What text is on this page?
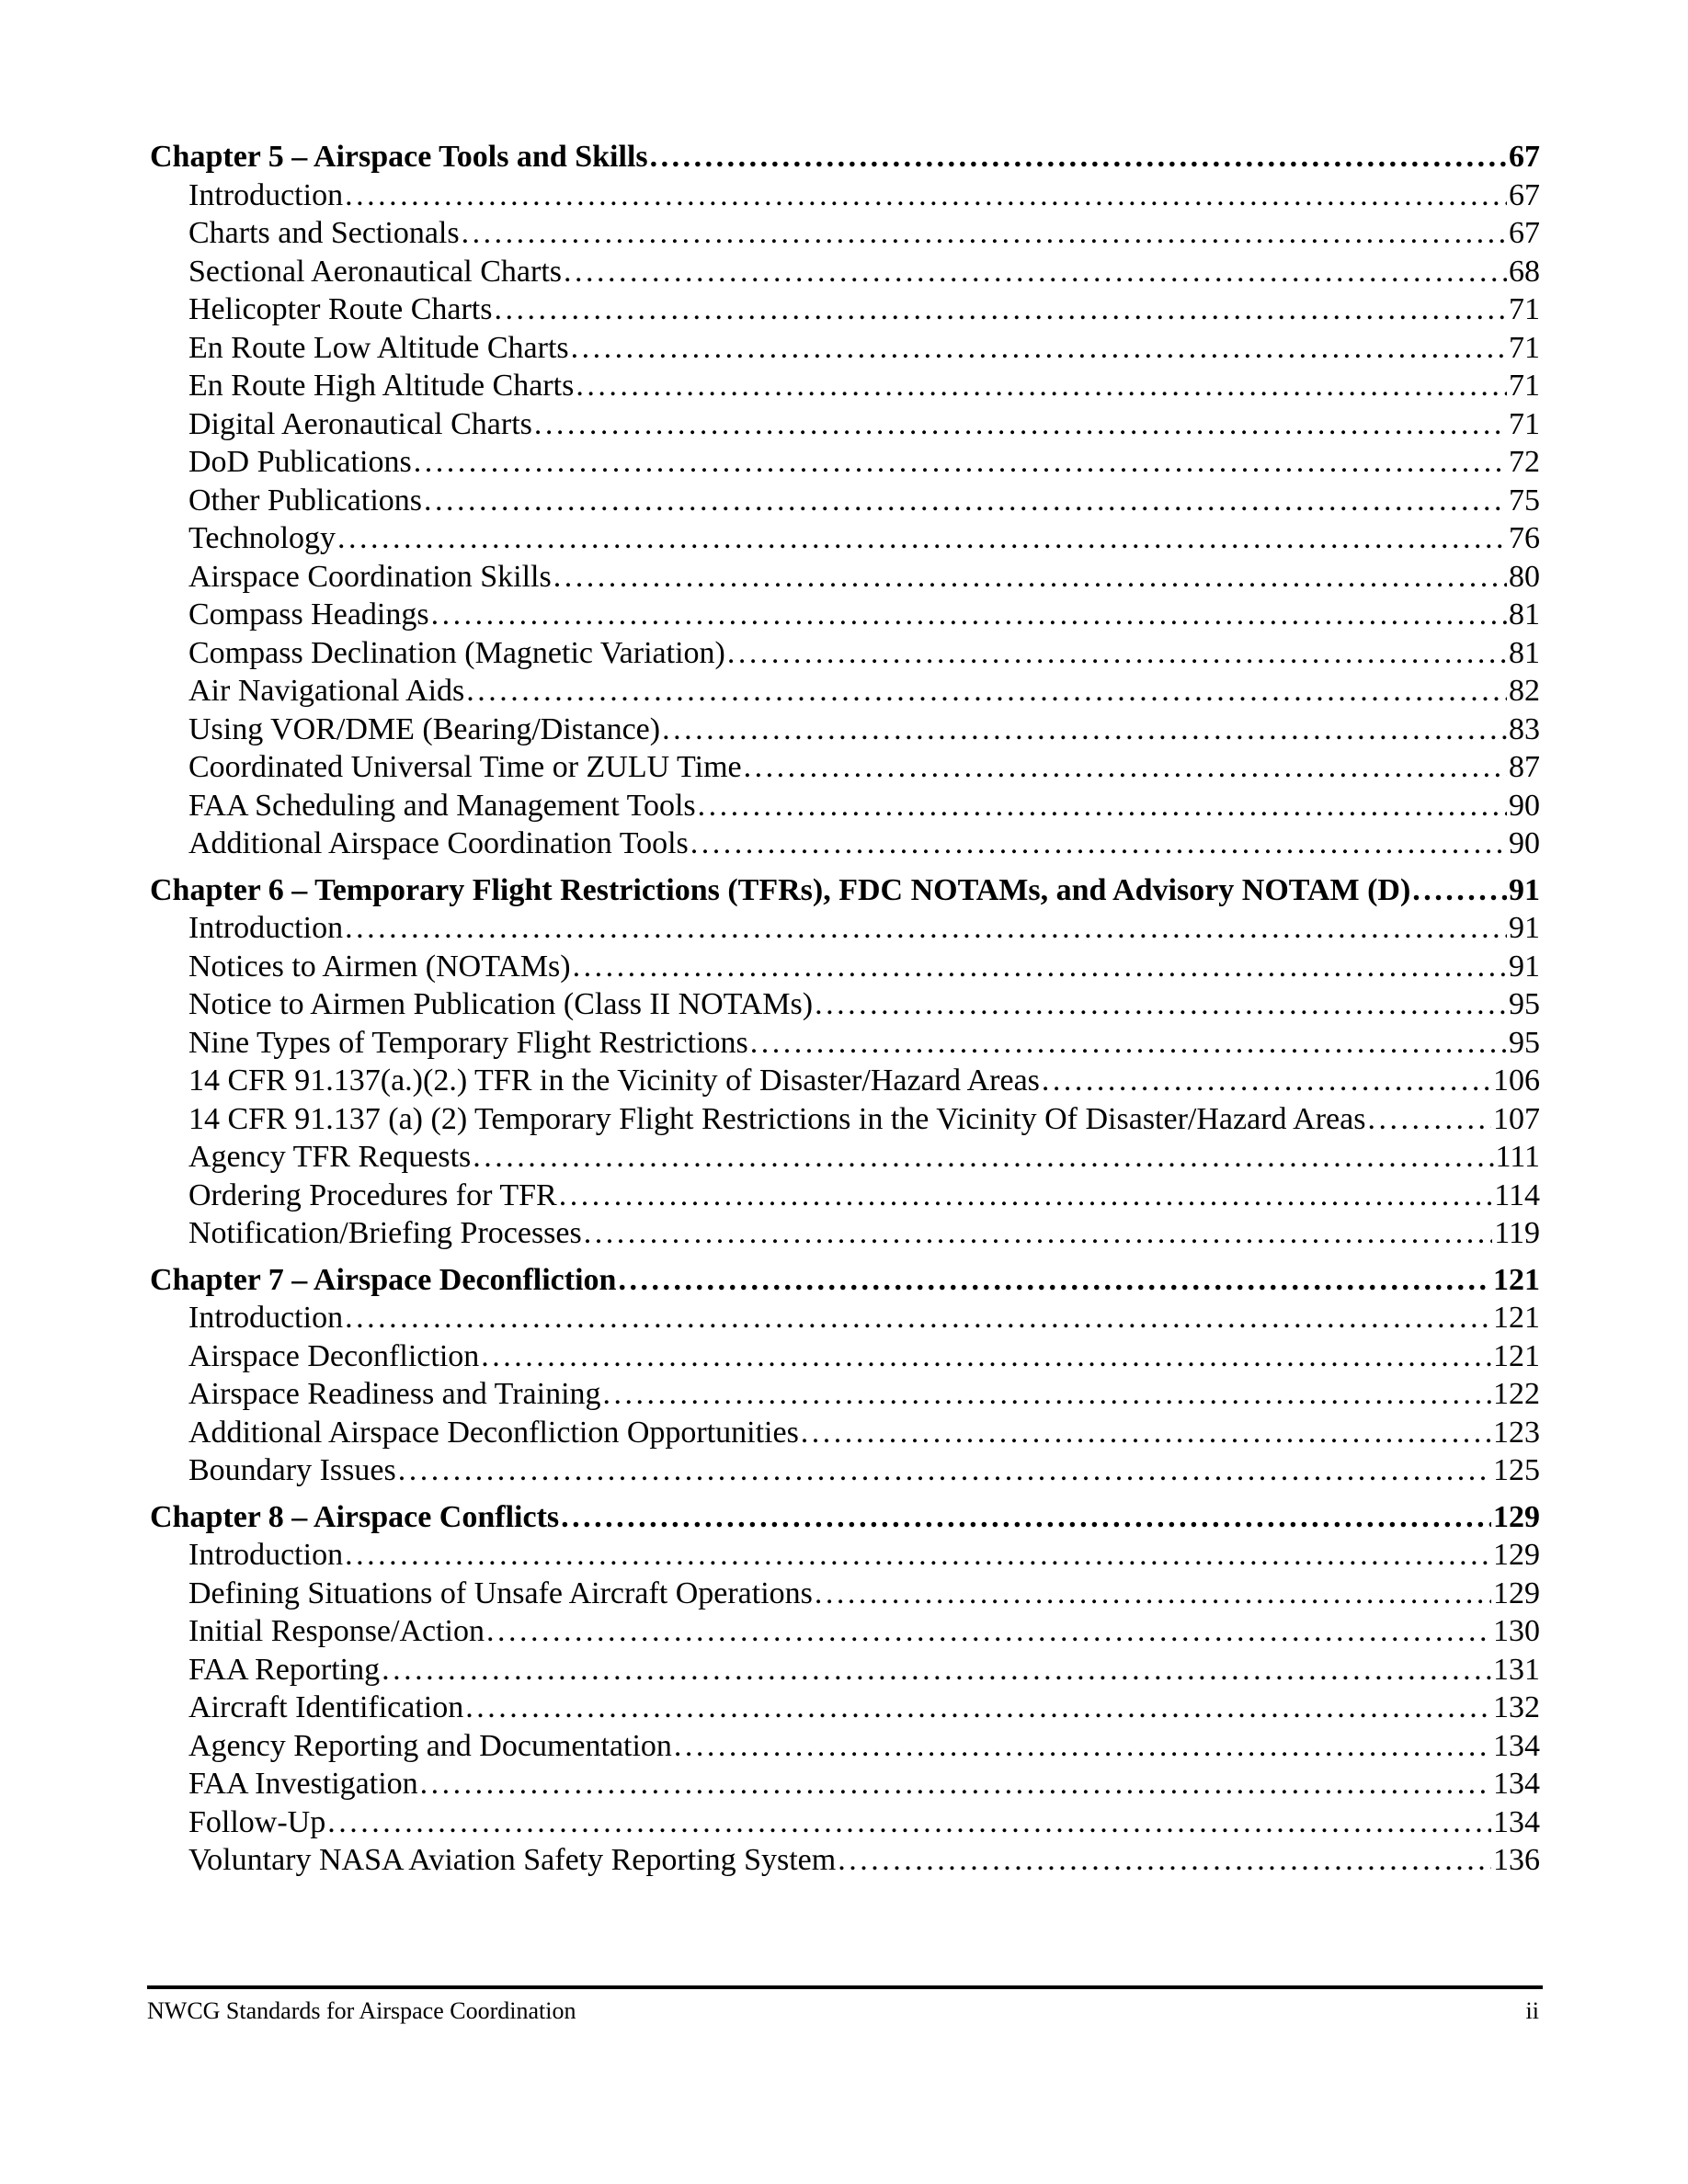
Chapter 5 – Airspace Tools and Skills . . .	67
Introduction . . .	67
Charts and Sectionals . . .	67
Sectional Aeronautical Charts . . .	68
Helicopter Route Charts . . .	71
En Route Low Altitude Charts . . .	71
En Route High Altitude Charts . . .	71
Digital Aeronautical Charts . . .	71
DoD Publications . . .	72
Other Publications . . .	75
Technology . . .	76
Airspace Coordination Skills . . .	80
Compass Headings . . .	81
Compass Declination (Magnetic Variation) . . .	81
Air Navigational Aids . . .	82
Using VOR/DME (Bearing/Distance) . . .	83
Coordinated Universal Time or ZULU Time . . .	87
FAA Scheduling and Management Tools . . .	90
Additional Airspace Coordination Tools . . .	90
Chapter 6 – Temporary Flight Restrictions (TFRs), FDC NOTAMs, and Advisory NOTAM (D) . . .	91
Introduction . . .	91
Notices to Airmen (NOTAMs) . . .	91
Notice to Airmen Publication (Class II NOTAMs) . . .	95
Nine Types of Temporary Flight Restrictions . . .	95
14 CFR 91.137(a.)(2.) TFR in the Vicinity of Disaster/Hazard Areas . . .	106
14 CFR 91.137 (a) (2) Temporary Flight Restrictions in the Vicinity Of Disaster/Hazard Areas . . .	107
Agency TFR Requests . . .	111
Ordering Procedures for TFR . . .	114
Notification/Briefing Processes . . .	119
Chapter 7 – Airspace Deconfliction . . .	121
Introduction . . .	121
Airspace Deconfliction . . .	121
Airspace Readiness and Training . . .	122
Additional Airspace Deconfliction Opportunities . . .	123
Boundary Issues . . .	125
Chapter 8 – Airspace Conflicts . . .	129
Introduction . . .	129
Defining Situations of Unsafe Aircraft Operations . . .	129
Initial Response/Action . . .	130
FAA Reporting . . .	131
Aircraft Identification . . .	132
Agency Reporting and Documentation . . .	134
FAA Investigation . . .	134
Follow-Up . . .	134
Voluntary NASA Aviation Safety Reporting System . . .	136
NWCG Standards for Airspace Coordination	ii
